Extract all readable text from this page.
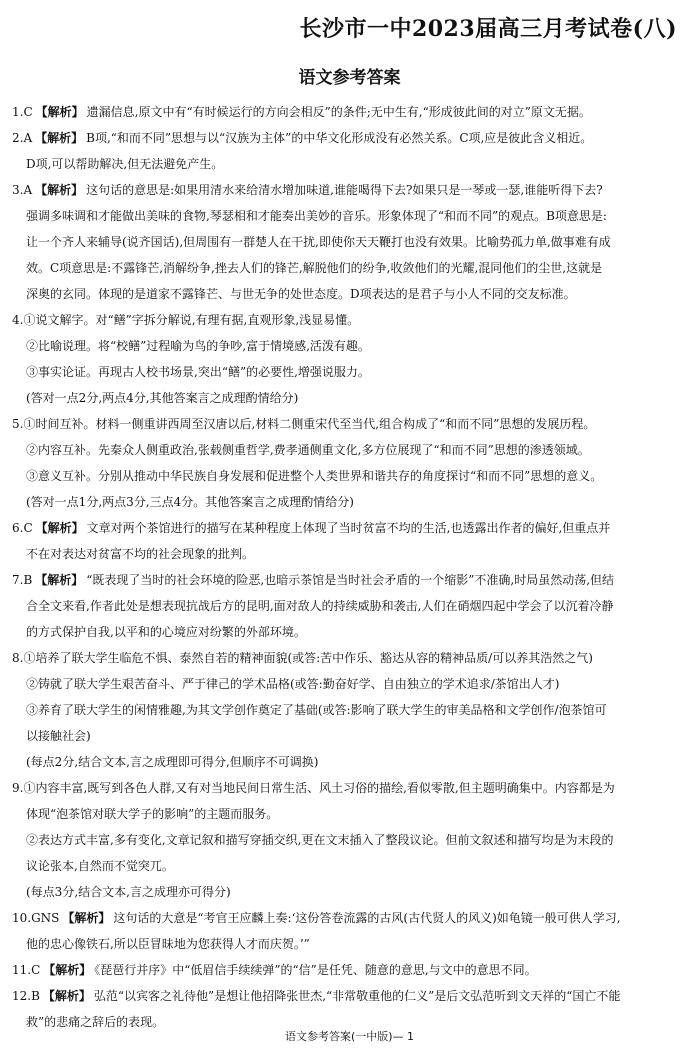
长沙市一中2023届高三月考试卷(八)
语文参考答案
1.C 【解析】 遗漏信息,原文中有“有时候运行的方向会相反”的条件;无中生有,“形成彼此间的对立”原文无据。
2.A 【解析】 B项,“和而不同”思想与以“汉族为主体”的中华文化形成没有必然关系。C项,应是彼此含义相近。
D项,可以帮助解决,但无法避免产生。
3.A 【解析】 这句话的意思是:如果用清水来给清水增加味道,谁能喝得下去?如果只是一琴或一瑟,谁能听得下去?
强调多味调和才能做出美味的食物,琴瑟相和才能奏出美妙的音乐。形象体现了“和而不同”的观点。B项意思是:
让一个齐人来辅导(说齐国话),但周围有一群楚人在干扰,即使你天天鞭打也没有效果。比喻势孤力单,做事难有成
效。C项意思是:不露锋芒,消解纷争,挫去人们的锋芒,解脱他们的纷争,收敛他们的光耀,混同他们的尘世,这就是
深奥的玄同。体现的是道家不露锋芒、与世无争的处世态度。D项表达的是君子与小人不同的交友标准。
4.①说文解字。对“鳝”字拆分解说,有理有据,直观形象,浅显易懂。
②比喻说理。将“校鳝”过程喻为鸟的争吵,富于情境感,活泼有趣。
③事实论证。再现古人校书场景,突出“鳝”的必要性,增强说服力。
(答对一点2分,两点4分,其他答案言之成理酌情给分)
5.①时间互补。材料一侧重讲西周至汉唐以后,材料二侧重宋代至当代,组合构成了“和而不同”思想的发展历程。
②内容互补。先秦众人侧重政治,张载侧重哲学,费孝通侧重文化,多方位展现了“和而不同”思想的渗透领域。
③意义互补。分别从推动中华民族自身发展和促进整个人类世界和谐共存的角度探讨“和而不同”思想的意义。
(答对一点1分,两点3分,三点4分。其他答案言之成理酌情给分)
6.C 【解析】 文章对两个茶馆进行的描写在某种程度上体现了当时贫富不均的生活,也透露出作者的偏好,但重点并
不在对表达对贫富不均的社会现象的批判。
7.B 【解析】 “既表现了当时的社会环境的险恶,也暗示茶馆是当时社会矛盾的一个缩影”不准确,时局虽然动荡,但结
合全文来看,作者此处是想表现抗战后方的昆明,面对敌人的持续威胁和袭击,人们在硝烟四起中学会了以沉着冷静
的方式保护自我,以平和的心境应对纷繁的外部环境。
8.①培养了联大学生临危不惧、泰然自若的精神面貌(或答:苦中作乐、豁达从容的精神品质/可以养其浩然之气)
②铸就了联大学生艰苦奋斗、严于律己的学术品格(或答:勤奋好学、自由独立的学术追求/茶馆出人才)
③养育了联大学生的闲情雅趣,为其文学创作奠定了基础(或答:影响了联大学生的审美品格和文学创作/泡茶馆可
以接触社会)
(每点2分,结合文本,言之成理即可得分,但顺序不可调换)
9.①内容丰富,既写到各色人群,又有对当地民间日常生活、风土习俗的描绘,看似零散,但主题明确集中。内容都是为
体现“泡茶馆对联大学子的影响”的主题而服务。
②表达方式丰富,多有变化,文章记叙和描写穿插交织,更在文末插入了整段议论。但前文叙述和描写均是为末段的
议论张本,自然而不觉突兀。
(每点3分,结合文本,言之成理亦可得分)
10.GNS 【解析】 这句话的大意是“考官王应麟上奏:‘这份答卷流露的古风(古代贤人的风义)如龟镜一般可供人学习,
他的忠心像铁石,所以臣冒昧地为您获得人才而庆贺。’”
11.C 【解析】 《琵琶行并序》中“低眉信手续续弹”的“信”是任凭、随意的意思,与文中的意思不同。
12.B 【解析】 弘范“以宾客之礼待他”是想让他招降张世杰,“非常敬重他的仁义”是后文弘范听到文天祥的“国亡不能
救”的悲痛之辞后的表现。
语文参考答案(一中版)— 1
